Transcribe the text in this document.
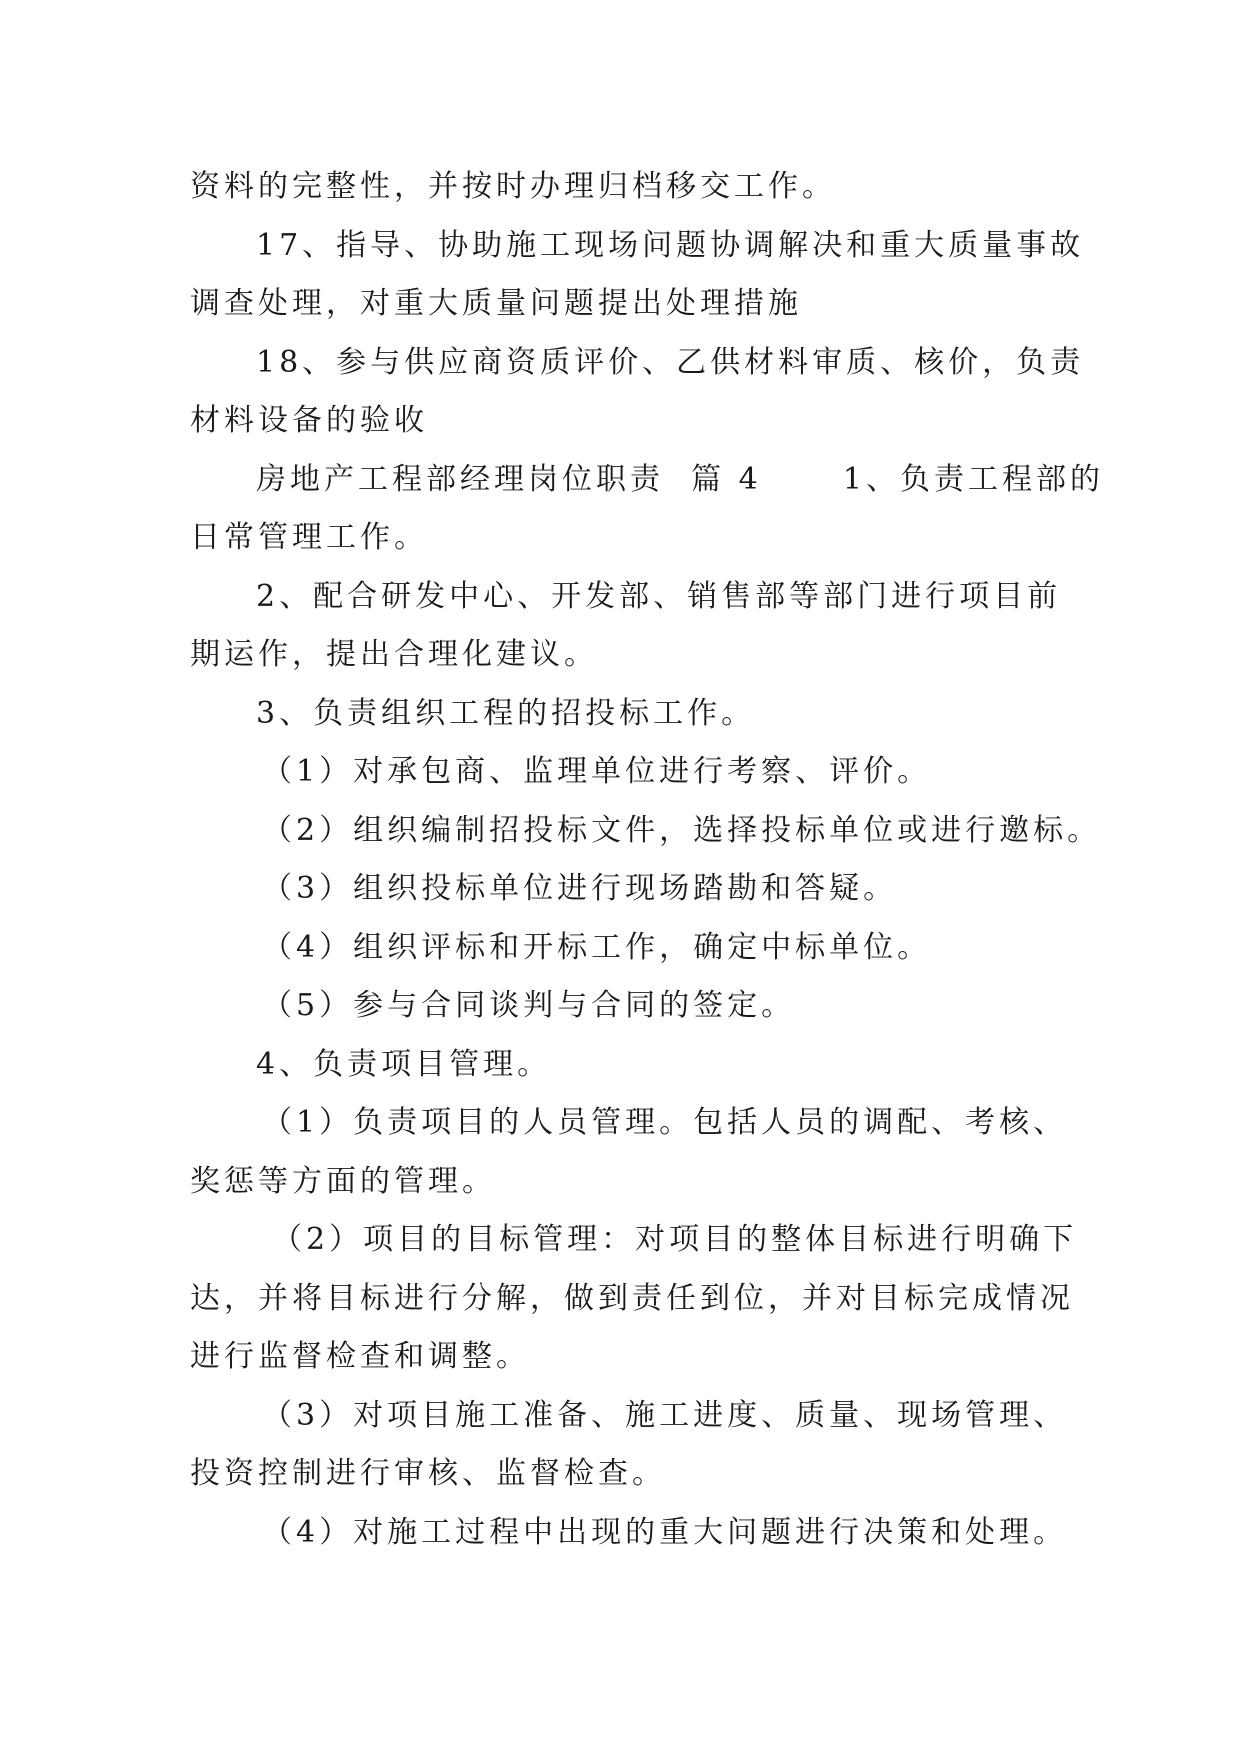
资料的完整性，并按时办理归档移交工作。
17、指导、协助施工现场问题协调解决和重大质量事故
调查处理，对重大质量问题提出处理措施
18、参与供应商资质评价、乙供材料审质、核价，负责
材料设备的验收
房地产工程部经理岗位职责  篇 4      1、负责工程部的
日常管理工作。
2、配合研发中心、开发部、销售部等部门进行项目前
期运作，提出合理化建议。
3、负责组织工程的招投标工作。
（1）对承包商、监理单位进行考察、评价。
（2）组织编制招投标文件，选择投标单位或进行邀标。
（3）组织投标单位进行现场踏勘和答疑。
（4）组织评标和开标工作，确定中标单位。
（5）参与合同谈判与合同的签定。
4、负责项目管理。
（1）负责项目的人员管理。包括人员的调配、考核、
奖惩等方面的管理。
（2）项目的目标管理：对项目的整体目标进行明确下
达，并将目标进行分解，做到责任到位，并对目标完成情况
进行监督检查和调整。
（3）对项目施工准备、施工进度、质量、现场管理、
投资控制进行审核、监督检查。
（4）对施工过程中出现的重大问题进行决策和处理。
